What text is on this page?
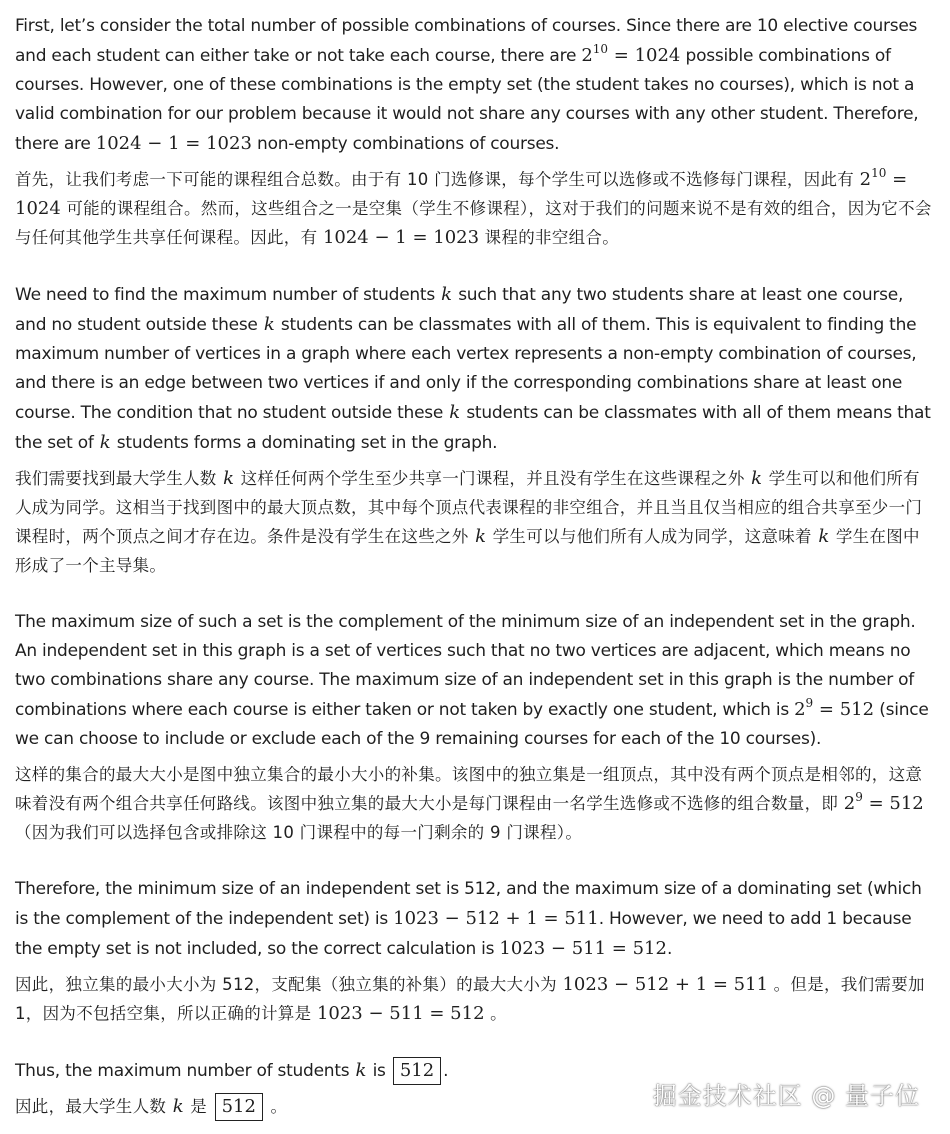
First, let’s consider the total number of possible combinations of courses. Since there are 10 elective courses and each student can either take or not take each course, there are $2^{10} = 1024$ possible combinations of courses. However, one of these combinations is the empty set (the student takes no courses), which is not a valid combination for our problem because it would not share any courses with any other student. Therefore, there are 1024 − 1 = 1023 non-empty combinations of courses.

首先，让我们考虑一下可能的课程组合总数。由于有 10 门选修课，每个学生可以选修或不选修每门课程，因此有 $2^{10} = 1024$ 可能的课程组合。然而，这些组合之一是空集（学生不修课程），这对于我们的问题来说不是有效的组合，因为它不会与任何其他学生共享任何课程。因此，有 1024 − 1 = 1023 课程的非空组合。

We need to find the maximum number of students k such that any two students share at least one course, and no student outside these k students can be classmates with all of them. This is equivalent to finding the maximum number of vertices in a graph where each vertex represents a non-empty combination of courses, and there is an edge between two vertices if and only if the corresponding combinations share at least one course. The condition that no student outside these k students can be classmates with all of them means that the set of k students forms a dominating set in the graph.

我们需要找到最大学生人数 k 这样任何两个学生至少共享一门课程，并且没有学生在这些课程之外 k 学生可以和他们所有人成为同学。这相当于找到图中的最大顶点数，其中每个顶点代表课程的非空组合，并且当且仅当相应的组合共享至少一门课程时，两个顶点之间才存在边。条件是没有学生在这些之外 k 学生可以与他们所有人成为同学，这意味着 k 学生在图中形成了一个主导集。

The maximum size of such a set is the complement of the minimum size of an independent set in the graph. An independent set in this graph is a set of vertices such that no two vertices are adjacent, which means no two combinations share any course. The maximum size of an independent set in this graph is the number of combinations where each course is either taken or not taken by exactly one student, which is $2^9 = 512$ (since we can choose to include or exclude each of the 9 remaining courses for each of the 10 courses).

这样的集合的最大大小是图中独立集合的最小大小的补集。该图中的独立集是一组顶点，其中没有两个顶点是相邻的，这意味着没有两个组合共享任何路线。该图中独立集的最大大小是每门课程由一名学生选修或不选修的组合数量，即 $2^9 = 512$ （因为我们可以选择包含或排除这 10 门课程中的每一门剩余的 9 门课程）。

Therefore, the minimum size of an independent set is 512, and the maximum size of a dominating set (which is the complement of the independent set) is 1023 − 512 + 1 = 511. However, we need to add 1 because the empty set is not included, so the correct calculation is 1023 − 511 = 512.

因此，独立集的最小大小为 512，支配集（独立集的补集）的最大大小为 1023 − 512 + 1 = 511 。但是，我们需要加1，因为不包括空集，所以正确的计算是 1023 − 511 = 512 。

Thus, the maximum number of students k is 512 .

因此，最大学生人数 k 是 512 。	掘金技术社区 @ 量子位
